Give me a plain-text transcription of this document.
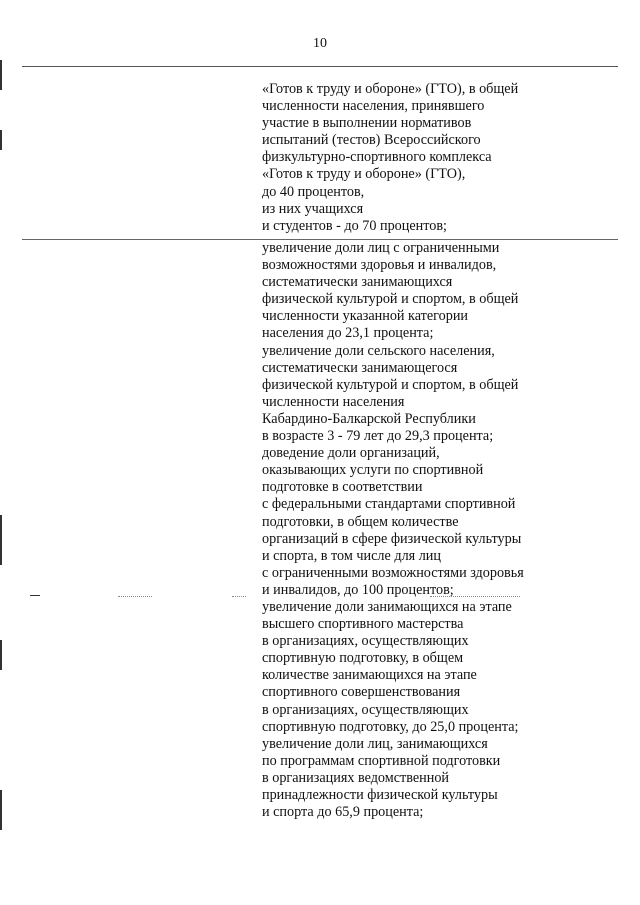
10
«Готов к труду и обороне» (ГТО), в общей
численности населения, принявшего
участие в выполнении нормативов
испытаний (тестов) Всероссийского
физкультурно-спортивного комплекса
«Готов к труду и обороне» (ГТО),
до 40 процентов,
из них учащихся
и студентов - до 70 процентов;
увеличение доли лиц с ограниченными
возможностями здоровья и инвалидов,
систематически занимающихся
физической культурой и спортом, в общей
численности указанной категории
населения до 23,1 процента;
увеличение доли сельского населения,
систематически занимающегося
физической культурой и спортом, в общей
численности населения
Кабардино-Балкарской Республики
в возрасте 3 - 79 лет до 29,3 процента;
доведение доли организаций,
оказывающих услуги по спортивной
подготовке в соответствии
с федеральными стандартами спортивной
подготовки, в общем количестве
организаций в сфере физической культуры
и спорта, в том числе для лиц
с ограниченными возможностями здоровья
и инвалидов, до 100 процентов;
увеличение доли занимающихся на этапе
высшего спортивного мастерства
в организациях, осуществляющих
спортивную подготовку, в общем
количестве занимающихся на этапе
спортивного совершенствования
в организациях, осуществляющих
спортивную подготовку, до 25,0 процента;
увеличение доли лиц, занимающихся
по программам спортивной подготовки
в организациях ведомственной
принадлежности физической культуры
и спорта до 65,9 процента;
